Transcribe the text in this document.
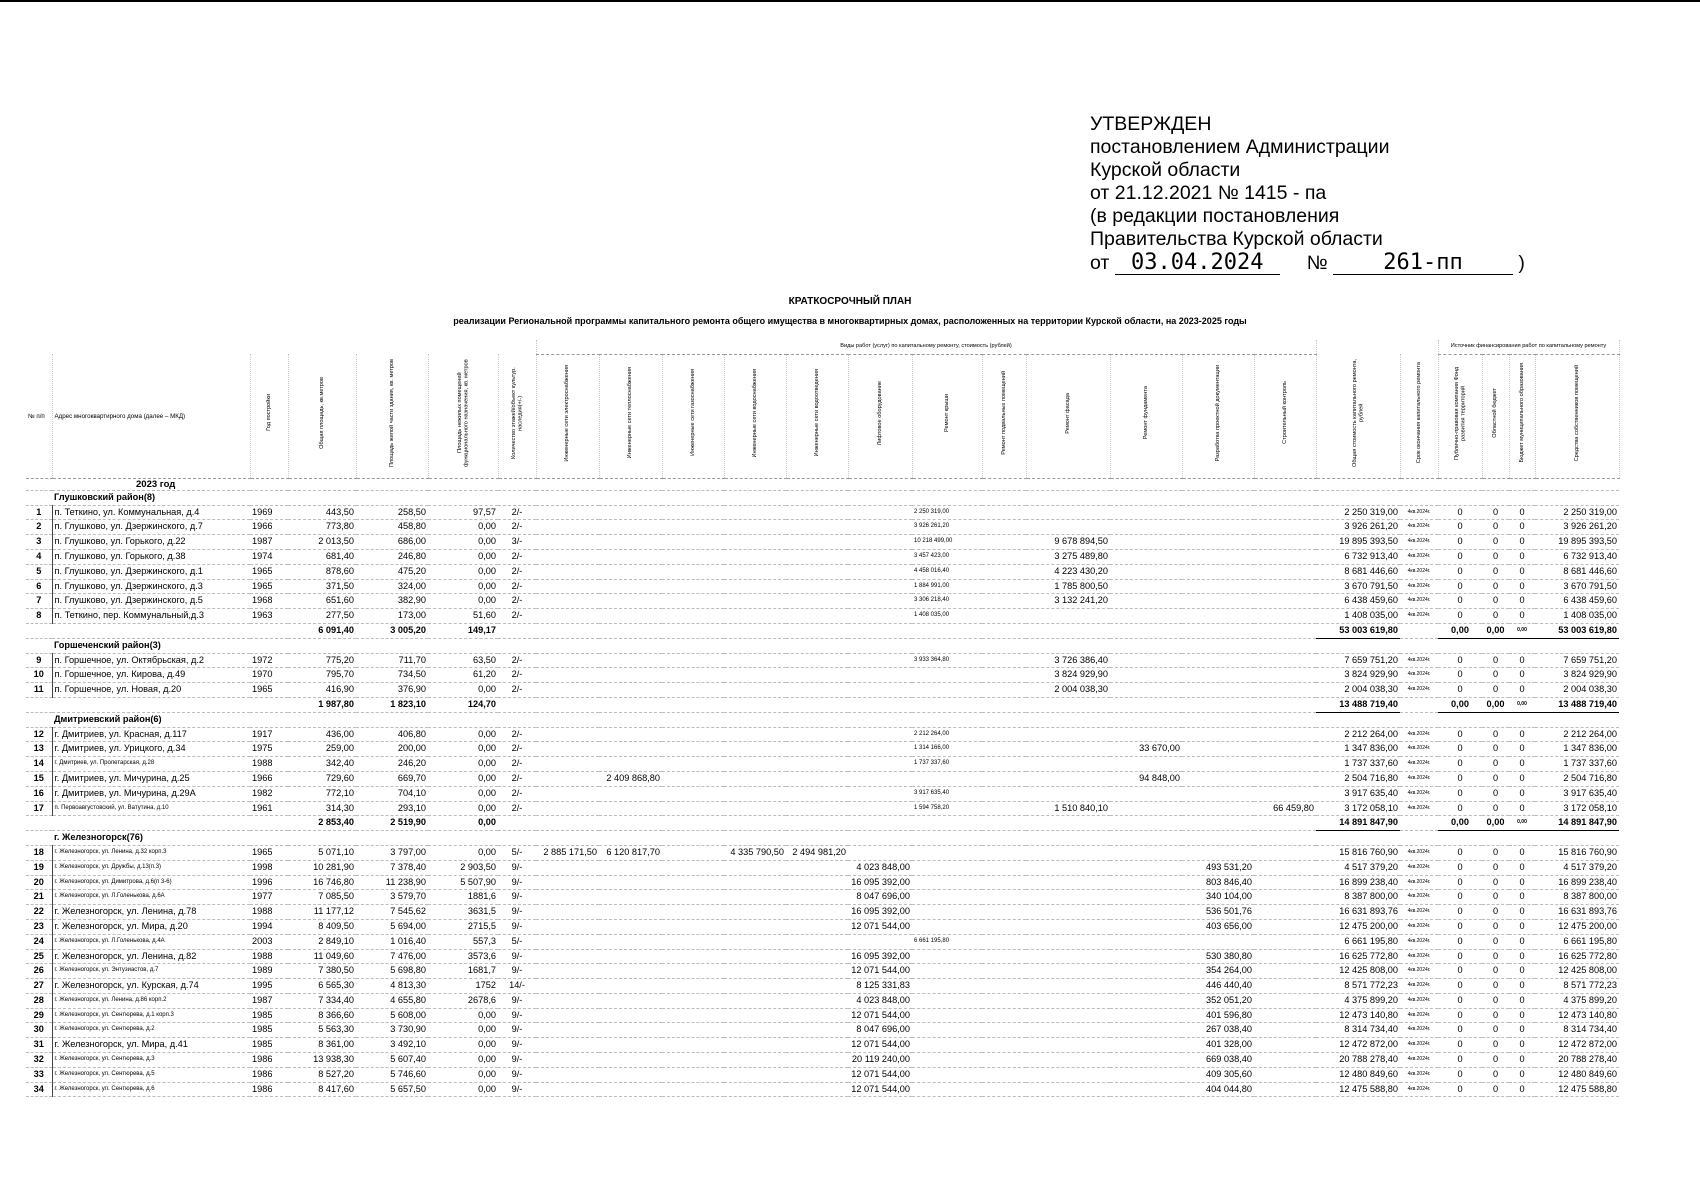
УТВЕРЖДЕН
постановлением Администрации
Курской области
от 21.12.2021 № 1415 - па
(в редакции постановления
Правительства Курской области
от 03.04.2024 №	261-пп	)
КРАТКОСРОЧНЫЙ ПЛАН
реализации Региональной программы капитального ремонта общего имущества в многоквартирных домах, расположенных на территории Курской области, на 2023-2025 годы
							Виды работ (услуг) по капитальному ремонту, стоимость (рублей)														Источник финансирования работ по капитальному ремонту			
№ п/п	Адрес многоквартирного дома (далее – МКД)	Год постройки	Общая площадь, кв.метров	Площадь жилой части здания, кв. метров	Площадь нежилых помещений функционального назначения, кв. метров	Количество этажей/объект культур. наследия(+/-)	Инженерные сети электроснабжения	Инженерные сети теплоснабжения	Инженерные сети газоснабжения	Инженерные сети водоснабжения	Инженерные сети водоотведения	Лифтовое оборудование	Ремонт крыши	Ремонт подвальных помещений	Ремонт фасада	Ремонт фундамента	Разработка проектной документации	Строительный контроль	Общая стоимость капитального ремонта, рублей	Срок окончания капитального ремонта	Публично-правовая компания Фонд развития территорий	Областной бюджет	Бюджет муниципального образования	Средства собственников помещений
2023 год																								
	Глушковский район(8)																							
1	п. Теткино, ул. Коммунальная, д.4	1969	443,50	258,50	97,57	2/-							2 250 319,00						2 250 319,00	4кв.2024г.	0	0	0	2 250 319,00
2	п. Глушково, ул. Дзержинского, д.7	1966	773,80	458,80	0,00	2/-							3 926 261,20						3 926 261,20	4кв.2024г.	0	0	0	3 926 261,20
3	п. Глушково, ул. Горького, д.22	1987	2 013,50	686,00	0,00	3/-							10 218 499,00		9 678 894,50				19 895 393,50	4кв.2024г.	0	0	0	19 895 393,50
4	п. Глушково, ул. Горького, д.38	1974	681,40	246,80	0,00	2/-							3 457 423,00		3 275 489,80				6 732 913,40	4кв.2024г.	0	0	0	6 732 913,40
5	п. Глушково, ул. Дзержинского, д.1	1965	878,60	475,20	0,00	2/-							4 458 016,40		4 223 430,20				8 681 446,60	4кв.2024г.	0	0	0	8 681 446,60
6	п. Глушково, ул. Дзержинского, д.3	1965	371,50	324,00	0,00	2/-							1 884 991,00		1 785 800,50				3 670 791,50	4кв.2024г.	0	0	0	3 670 791,50
7	п. Глушково, ул. Дзержинского, д.5	1968	651,60	382,90	0,00	2/-							3 306 218,40		3 132 241,20				6 438 459,60	4кв.2024г.	0	0	0	6 438 459,60
8	п. Теткино, пер. Коммунальный,д.3	1963	277,50	173,00	51,60	2/-							1 408 035,00						1 408 035,00	4кв.2024г.	0	0	0	1 408 035,00
			6 091,40	3 005,20	149,17														53 003 619,80		0,00	0,00	0,00	53 003 619,80
	Горшеченский район(3)																							
9	п. Горшечное, ул. Октябрьская, д.2	1972	775,20	711,70	63,50	2/-							3 933 364,80		3 726 386,40				7 659 751,20	4кв.2024г.	0	0	0	7 659 751,20
10	п. Горшечное, ул. Кирова, д.49	1970	795,70	734,50	61,20	2/-									3 824 929,90				3 824 929,90	4кв.2024г.	0	0	0	3 824 929,90
11	п. Горшечное, ул. Новая, д.20	1965	416,90	376,90	0,00	2/-									2 004 038,30				2 004 038,30	4кв.2024г.	0	0	0	2 004 038,30
			1 987,80	1 823,10	124,70														13 488 719,40		0,00	0,00	0,00	13 488 719,40
	Дмитриевский район(6)																							
12	г. Дмитриев, ул. Красная, д.117	1917	436,00	406,80	0,00	2/-							2 212 264,00						2 212 264,00	4кв.2024г.	0	0	0	2 212 264,00
13	г. Дмитриев, ул. Урицкого, д.34	1975	259,00	200,00	0,00	2/-							1 314 166,00			33 670,00			1 347 836,00	4кв.2024г.	0	0	0	1 347 836,00
14	г. Дмитриев, ул. Пролетарская, д.28	1988	342,40	246,20	0,00	2/-							1 737 337,60						1 737 337,60	4кв.2024г.	0	0	0	1 737 337,60
15	г. Дмитриев, ул. Мичурина, д.25	1966	729,60	669,70	0,00	2/-		2 409 868,80								94 848,00			2 504 716,80	4кв.2024г.	0	0	0	2 504 716,80
16	г. Дмитриев, ул. Мичурина, д.29А	1982	772,10	704,10	0,00	2/-							3 917 635,40						3 917 635,40	4кв.2024г.	0	0	0	3 917 635,40
17	п. Первоавгустовский, ул. Ватутина, д.10	1961	314,30	293,10	0,00	2/-							1 594 758,20		1 510 840,10			66 459,80	3 172 058,10	4кв.2024г.	0	0	0	3 172 058,10
			2 853,40	2 519,90	0,00														14 891 847,90		0,00	0,00	0,00	14 891 847,90
	г. Железногорск(76)																							
18	г. Железногорск, ул. Ленина, д.32 корп.3	1965	5 071,10	3 797,00	0,00	5/-	2 885 171,50	6 120 817,70		4 335 790,50	2 494 981,20								15 816 760,90	4кв.2024г.	0	0	0	15 816 760,90
19	г. Железногорск, ул. Дружбы, д.13(п.3)	1998	10 281,90	7 378,40	2 903,50	9/-						4 023 848,00					493 531,20		4 517 379,20	4кв.2024г.	0	0	0	4 517 379,20
20	г. Железногорск, ул. Димитрова, д.6(п 3-6)	1996	16 746,80	11 238,90	5 507,90	9/-						16 095 392,00					803 846,40		16 899 238,40	4кв.2024г.	0	0	0	16 899 238,40
21	г. Железногорск, ул. Л.Голенькова, д.6А	1977	7 085,50	3 579,70	1881,6	9/-						8 047 696,00					340 104,00		8 387 800,00	4кв.2024г.	0	0	0	8 387 800,00
22	г. Железногорск, ул. Ленина, д.78	1988	11 177,12	7 545,62	3631,5	9/-						16 095 392,00					536 501,76		16 631 893,76	4кв.2024г.	0	0	0	16 631 893,76
23	г. Железногорск, ул. Мира, д.20	1994	8 409,50	5 694,00	2715,5	9/-						12 071 544,00					403 656,00		12 475 200,00	4кв.2024г.	0	0	0	12 475 200,00
24	г. Железногорск, ул. Л.Голенькова, д.4А	2003	2 849,10	1 016,40	557,3	5/-							6 661 195,80						6 661 195,80	4кв.2024г.	0	0	0	6 661 195,80
25	г. Железногорск, ул. Ленина, д.82	1988	11 049,60	7 476,00	3573,6	9/-						16 095 392,00					530 380,80		16 625 772,80	4кв.2024г.	0	0	0	16 625 772,80
26	г. Железногорск, ул. Энтузиастов, д.7	1989	7 380,50	5 698,80	1681,7	9/-						12 071 544,00					354 264,00		12 425 808,00	4кв.2024г.	0	0	0	12 425 808,00
27	г. Железногорск, ул. Курская, д.74	1995	6 565,30	4 813,30	1752	14/-						8 125 331,83					446 440,40		8 571 772,23	4кв.2024г.	0	0	0	8 571 772,23
28	г. Железногорск, ул. Ленина, д.86 корп.2	1987	7 334,40	4 655,80	2678,6	9/-						4 023 848,00					352 051,20		4 375 899,20	4кв.2024г.	0	0	0	4 375 899,20
29	г. Железногорск, ул. Сентюрева, д.1 корп.3	1985	8 366,60	5 608,00	0,00	9/-						12 071 544,00					401 596,80		12 473 140,80	4кв.2024г.	0	0	0	12 473 140,80
30	г. Железногорск, ул. Сентюрева, д.2	1985	5 563,30	3 730,90	0,00	9/-						8 047 696,00					267 038,40		8 314 734,40	4кв.2024г.	0	0	0	8 314 734,40
31	г. Железногорск, ул. Мира, д.41	1985	8 361,00	3 492,10	0,00	9/-						12 071 544,00					401 328,00		12 472 872,00	4кв.2024г.	0	0	0	12 472 872,00
32	г. Железногорск, ул. Сентюрева, д.3	1986	13 938,30	5 607,40	0,00	9/-						20 119 240,00					669 038,40		20 788 278,40	4кв.2024г.	0	0	0	20 788 278,40
33	г. Железногорск, ул. Сентюрева, д.5	1986	8 527,20	5 746,60	0,00	9/-						12 071 544,00					409 305,60		12 480 849,60	4кв.2024г.	0	0	0	12 480 849,60
34	г. Железногорск, ул. Сентюрева, д.6	1986	8 417,60	5 657,50	0,00	9/-						12 071 544,00					404 044,80		12 475 588,80	4кв.2024г.	0	0	0	12 475 588,80
